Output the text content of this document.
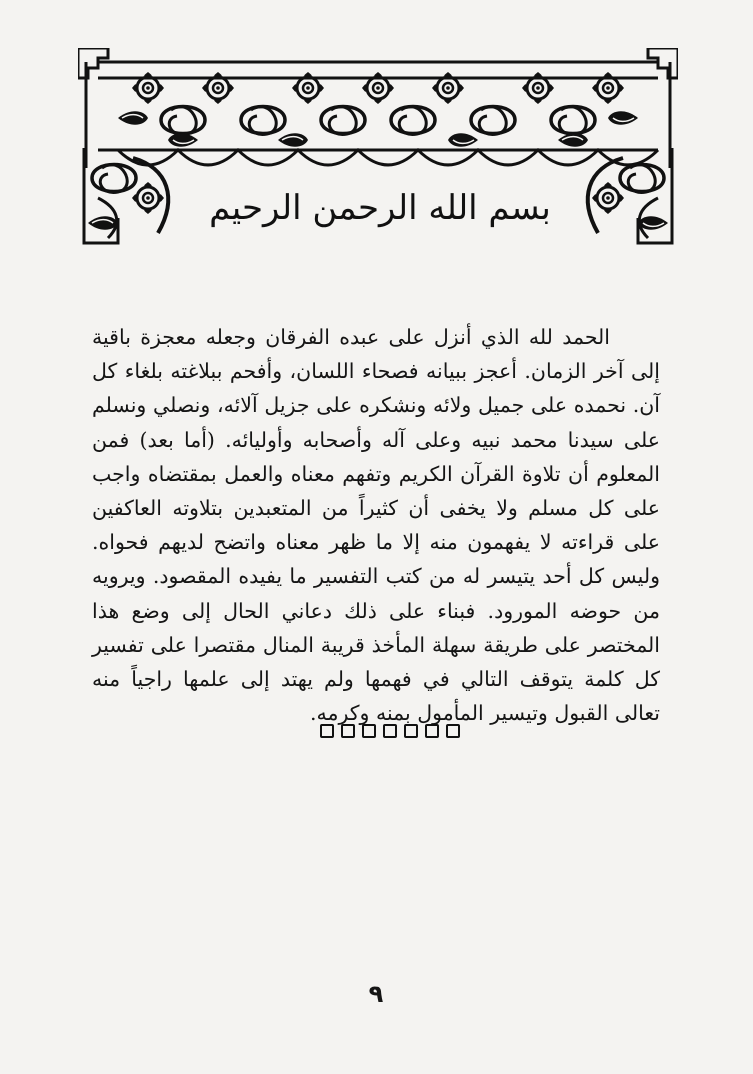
بسم الله الرحمن الرحيم

الحمد لله الذي أنزل على عبده الفرقان وجعله معجزة باقية إلى آخر الزمان. أعجز ببيانه فصحاء اللسان، وأفحم ببلاغته بلغاء كل آن. نحمده على جميل ولائه ونشكره على جزيل آلائه، ونصلي ونسلم على سيدنا محمد نبيه وعلى آله وأصحابه وأوليائه. (أما بعد) فمن المعلوم أن تلاوة القرآن الكريم وتفهم معناه والعمل بمقتضاه واجب على كل مسلم ولا يخفى أن كثيراً من المتعبدين بتلاوته العاكفين على قراءته لا يفهمون منه إلا ما ظهر معناه واتضح لديهم فحواه. وليس كل أحد يتيسر له من كتب التفسير ما يفيده المقصود. ويرويه من حوضه المورود. فبناء على ذلك دعاني الحال إلى وضع هذا المختصر على طريقة سهلة المأخذ قريبة المنال مقتصرا على تفسير كل كلمة يتوقف التالي في فهمها ولم يهتد إلى علمها راجياً منه تعالى القبول وتيسير المأمول بمنه وكرمه.

٩
